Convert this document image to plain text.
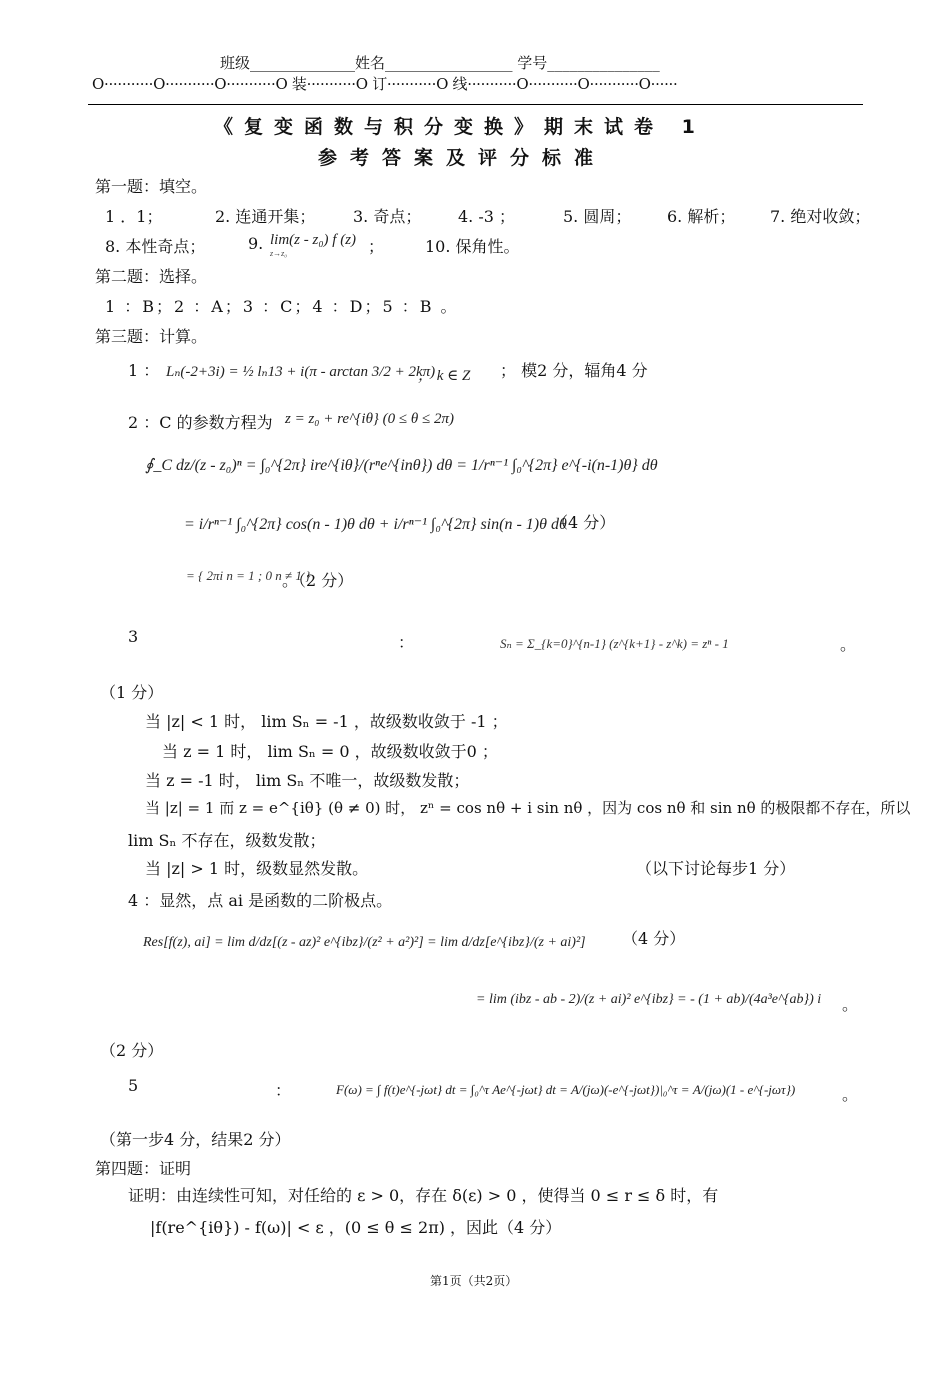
班级______________姓名_________________ 学号_______________
O···········O···········O···········O 装···········O 订···········O 线···········O···········O···········O······
《复变函数与积分变换》期末试卷 1
参考答案及评分标准
第一题：填空。
1 ．1；	2. 连通开集； 3. 奇点； 4. -3 ；	5. 圆周； 6. 解析； 7. 绝对收敛；
8. 本性奇点；	9. lim(z - z₀) f (z)
z→z₀	；	10. 保角性。
第二题：选择。
1 ：B；2 ：A；3 ：C；4 ：D；5 ：B 。
第三题：计算。
1 ： Lₙ(-2+3i) = ½ lₙ13 + i(π - arctan 3/2 + 2kπ)
， k ∈ Z ； 模2 分，辐角4 分
2 ：C 的参数方程为 z = z₀ + re^{iθ} (0 ≤ θ ≤ 2π)
∮_C dz/(z - z₀)ⁿ = ∫₀^{2π} ire^{iθ}/(rⁿe^{inθ}) dθ = 1/rⁿ⁻¹ ∫₀^{2π} e^{-i(n-1)θ} dθ
= i/rⁿ⁻¹ ∫₀^{2π} cos(n - 1)θ dθ + i/rⁿ⁻¹ ∫₀^{2π} sin(n - 1)θ dθ
（4 分）
= { 2πi n = 1 ; 0 n ≠ 1 }
。（2 分）
3	：	Sₙ = Σ_{k=0}^{n-1} (z^{k+1} - z^k) = zⁿ - 1	。
（1 分）
当 |z| < 1 时， lim Sₙ = -1 ，故级数收敛于 -1 ；
当 z = 1 时， lim Sₙ = 0 ，故级数收敛于0 ；
当 z = -1 时， lim Sₙ 不唯一，故级数发散；
当 |z| = 1 而 z = e^{iθ} (θ ≠ 0) 时， zⁿ = cos nθ + i sin nθ ，因为 cos nθ 和 sin nθ 的极限都不存在，所以
lim Sₙ 不存在，级数发散；
当 |z| > 1 时，级数显然发散。	（以下讨论每步1 分）
4 ：显然，点 ai 是函数的二阶极点。
Res[f(z), ai] = lim d/dz[(z - az)² e^{ibz}/(z² + a²)²] = lim d/dz[e^{ibz}/(z + ai)²] （4 分）
= lim (ibz - ab - 2)/(z + ai)² e^{ibz} = - (1 + ab)/(4a³e^{ab}) i 。
（2 分）
5	：	F(ω) = ∫ f(t)e^{-jωt} dt = ∫₀^τ Ae^{-jωt} dt = A/(jω)(-e^{-jωt})|₀^τ = A/(jω)(1 - e^{-jωτ})	。
（第一步4 分，结果2 分）
第四题：证明
证明：由连续性可知，对任给的 ε > 0，存在 δ(ε) > 0 ，使得当 0 ≤ r ≤ δ 时，有
|f(re^{iθ}) - f(ω)| < ε ，(0 ≤ θ ≤ 2π) ，因此（4 分）
第1页（共2页）
